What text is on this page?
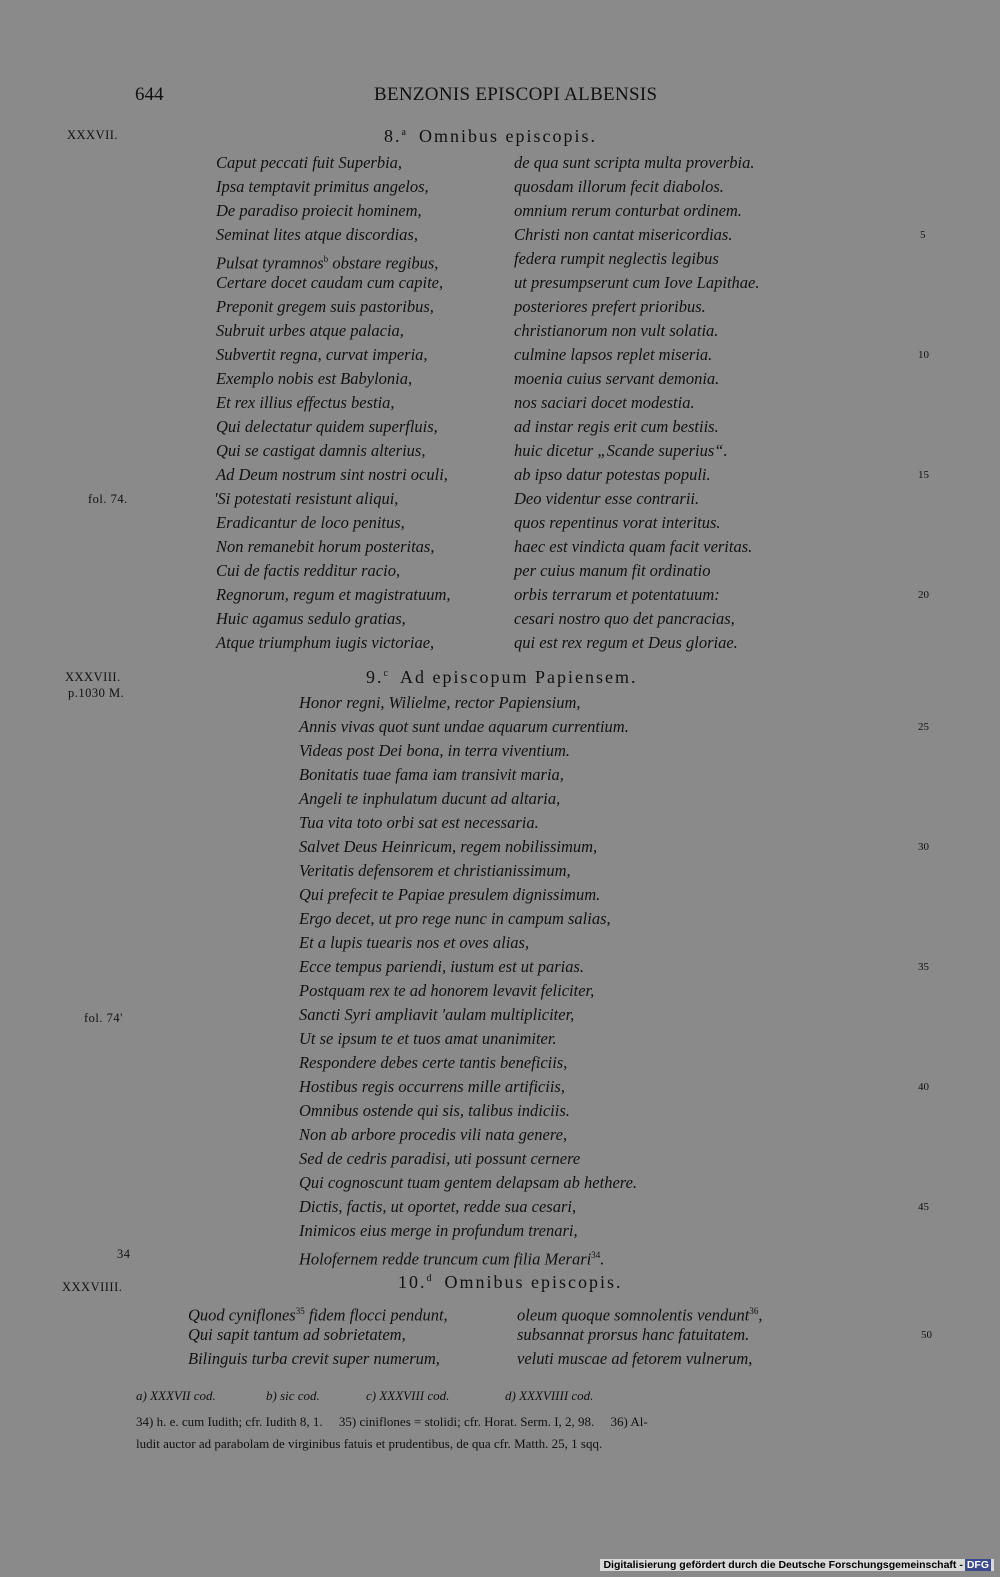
644	BENZONIS EPISCOPI ALBENSIS
XXXVII.	8.$^a$ Omnibus episcopis.
Caput peccati fuit Superbia,	de qua sunt scripta multa proverbia.
Ipsa temptavit primitus angelos,	quosdam illorum fecit diabolos.
De paradiso proiecit hominem,	omnium rerum conturbat ordinem.
Seminat lites atque discordias,	Christi non cantat misericordias.
Pulsat tyramnos$^b$ obstare regibus,	federa rumpit neglectis legibus
Certare docet caudam cum capite,	ut presumpserunt cum Iove Lapithae.
Preponit gregem suis pastoribus,	posteriores prefert prioribus.
Subruit urbes atque palacia,	christianorum non vult solatia.
Subvertit regna, curvat imperia,	culmine lapsos replet miseria.
Exemplo nobis est Babylonia,	moenia cuius servant demonia.
Et rex illius effectus bestia,	nos saciari docet modestia.
Qui delectatur quidem superfluis,	ad instar regis erit cum bestiis.
Qui se castigat damnis alterius,	huic dicetur „Scande superius“.
Ad Deum nostrum sint nostri oculi,	ab ipso datur potestas populi.
'Si potestati resistunt aliqui,	Deo videntur esse contrarii.
Eradicantur de loco penitus,	quos repentinus vorat interitus.
Non remanebit horum posteritas,	haec est vindicta quam facit veritas.
Cui de factis redditur racio,	per cuius manum fit ordinatio
Regnorum, regum et magistratuum,	orbis terrarum et potentatuum:
Huic agamus sedulo gratias,	cesari nostro quo det pancracias,
Atque triumphum iugis victoriae,	qui est rex regum et Deus gloriae.
fol. 74.
5
10
15
20
XXXVIII.
p.1030 M.
9.$^c$ Ad episcopum Papiensem.
Honor regni, Wilielme, rector Papiensium,
Annis vivas quot sunt undae aquarum currentium.
Videas post Dei bona, in terra viventium.
Bonitatis tuae fama iam transivit maria,
Angeli te inphulatum ducunt ad altaria,
Tua vita toto orbi sat est necessaria.
Salvet Deus Heinricum, regem nobilissimum,
Veritatis defensorem et christianissimum,
Qui prefecit te Papiae presulem dignissimum.
Ergo decet, ut pro rege nunc in campum salias,
Et a lupis tuearis nos et oves alias,
Ecce tempus pariendi, iustum est ut parias.
Postquam rex te ad honorem levavit feliciter,
Sancti Syri ampliavit 'aulam multipliciter,
Ut se ipsum te et tuos amat unanimiter.
Respondere debes certe tantis beneficiis,
Hostibus regis occurrens mille artificiis,
Omnibus ostende qui sis, talibus indiciis.
Non ab arbore procedis vili nata genere,
Sed de cedris paradisi, uti possunt cernere
Qui cognoscunt tuam gentem delapsam ab hethere.
Dictis, factis, ut oportet, redde sua cesari,
Inimicos eius merge in profundum trenari,
Holofernem redde truncum cum filia Merari$^{34}$.
fol. 74'
34
25
30
35
40
45
XXXVIIII.	10.$^d$ Omnibus episcopis.
Quod cyniflones$^{35}$ fidem flocci pendunt,	oleum quoque somnolentis vendunt$^{36}$,
Qui sapit tantum ad sobrietatem,	subsannat prorsus hanc fatuitatem.
Bilinguis turba crevit super numerum,	veluti muscae ad fetorem vulnerum,
50
a) XXXVII cod.	b) sic cod.	c) XXXVIII cod.	d) XXXVIIII cod.
34) h. e. cum Iudith; cfr. Iudith 8, 1.     35) ciniflones = stolidi; cfr. Horat. Serm. I, 2, 98.     36) Al-
ludit auctor ad parabolam de virginibus fatuis et prudentibus, de qua cfr. Matth. 25, 1 sqq.
Digitalisierung gefördert durch die Deutsche Forschungsgemeinschaft - DFG
